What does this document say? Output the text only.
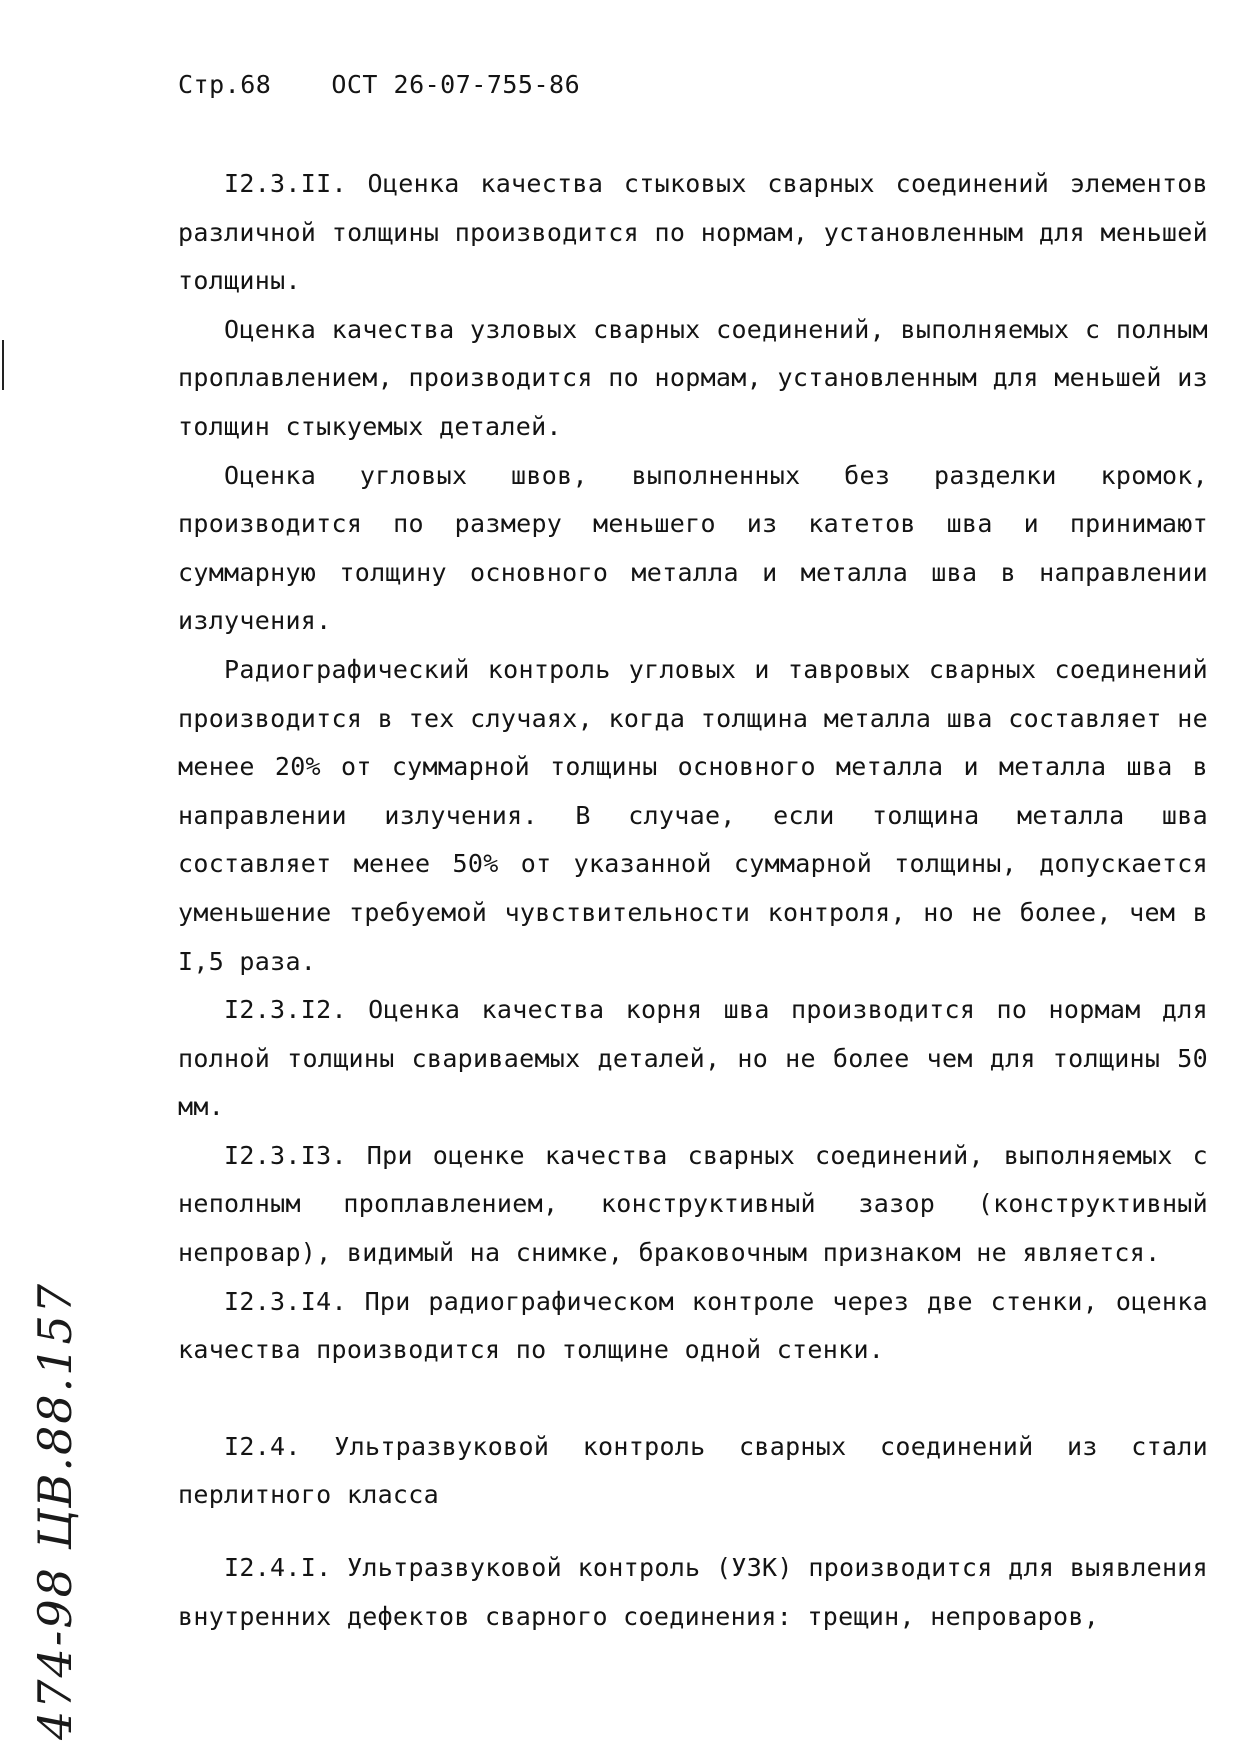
Стр.68 ОСТ 26-07-755-86

I2.3.II. Оценка качества стыковых сварных соединений элементов различной толщины производится по нормам, установленным для меньшей толщины.

Оценка качества узловых сварных соединений, выполняемых с полным проплавлением, производится по нормам, установленным для меньшей из толщин стыкуемых деталей.

Оценка угловых швов, выполненных без разделки кромок, производится по размеру меньшего из катетов шва и принимают суммарную толщину основного металла и металла шва в направлении излучения.

Радиографический контроль угловых и тавровых сварных соединений производится в тех случаях, когда толщина металла шва составляет не менее 20% от суммарной толщины основного металла и металла шва в направлении излучения. В случае, если толщина металла шва составляет менее 50% от указанной суммарной толщины, допускается уменьшение требуемой чувствительности контроля, но не более, чем в I,5 раза.

I2.3.I2. Оценка качества корня шва производится по нормам для полной толщины свариваемых деталей, но не более чем для толщины 50 мм.

I2.3.I3. При оценке качества сварных соединений, выполняемых с неполным проплавлением, конструктивный зазор (конструктивный непровар), видимый на снимке, браковочным признаком не является.

I2.3.I4. При радиографическом контроле через две стенки, оценка качества производится по толщине одной стенки.

I2.4. Ультразвуковой контроль сварных соединений из стали перлитного класса

I2.4.I. Ультразвуковой контроль (УЗК) производится для выявления внутренних дефектов сварного соединения: трещин, непроваров,

474-98 ЦВ.88.157
